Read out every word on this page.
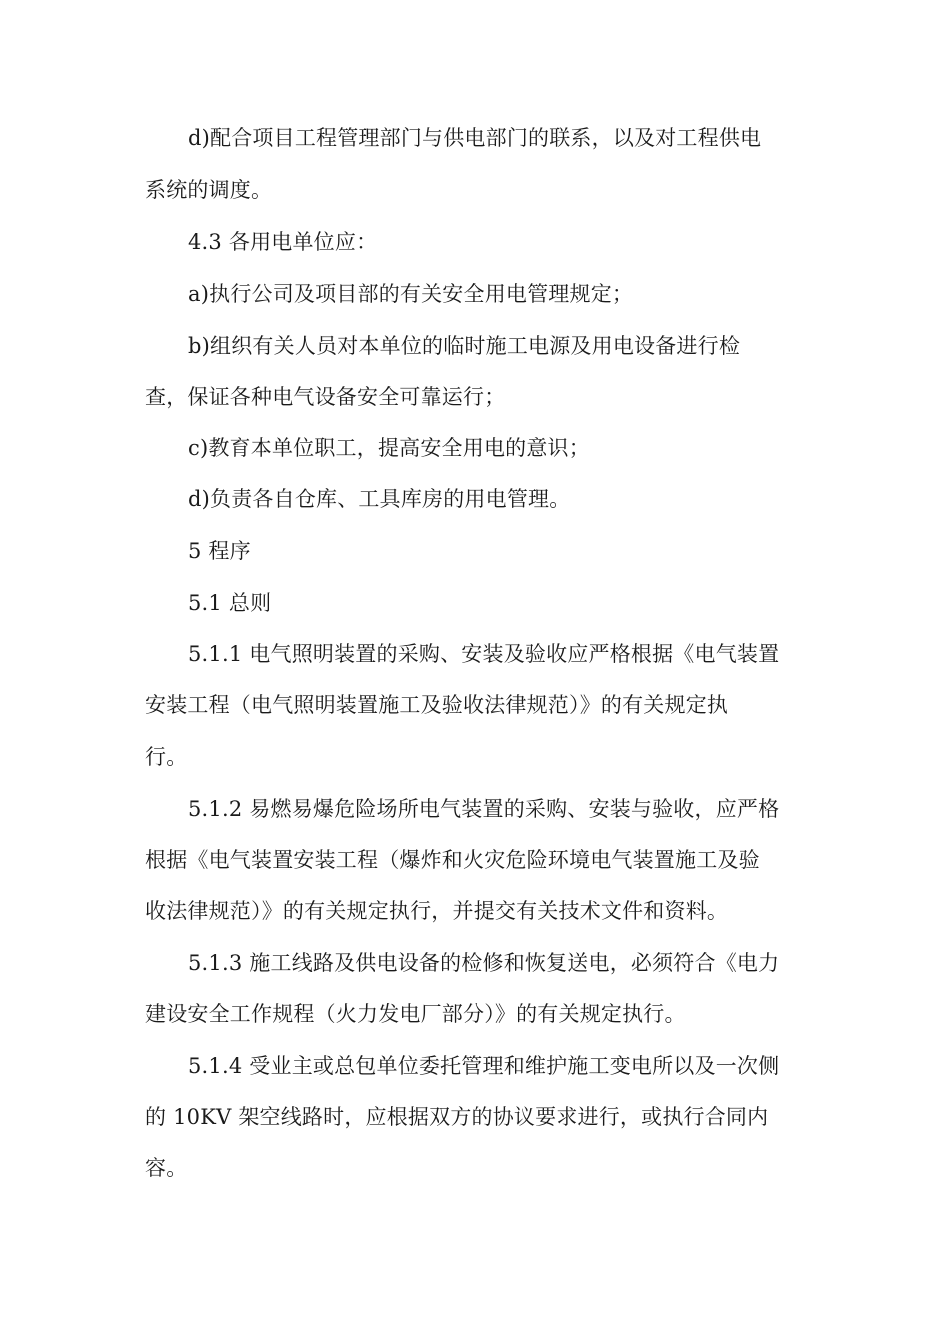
d)配合项目工程管理部门与供电部门的联系，以及对工程供电
系统的调度。
4.3 各用电单位应：
a)执行公司及项目部的有关安全用电管理规定；
b)组织有关人员对本单位的临时施工电源及用电设备进行检
查，保证各种电气设备安全可靠运行；
c)教育本单位职工，提高安全用电的意识；
d)负责各自仓库、工具库房的用电管理。
5 程序
5.1 总则
5.1.1 电气照明装置的采购、安装及验收应严格根据《电气装置
安装工程（电气照明装置施工及验收法律规范）》的有关规定执
行。
5.1.2 易燃易爆危险场所电气装置的采购、安装与验收，应严格
根据《电气装置安装工程（爆炸和火灾危险环境电气装置施工及验
收法律规范）》的有关规定执行，并提交有关技术文件和资料。
5.1.3 施工线路及供电设备的检修和恢复送电，必须符合《电力
建设安全工作规程（火力发电厂部分）》的有关规定执行。
5.1.4 受业主或总包单位委托管理和维护施工变电所以及一次侧
的 10KV 架空线路时，应根据双方的协议要求进行，或执行合同内
容。
